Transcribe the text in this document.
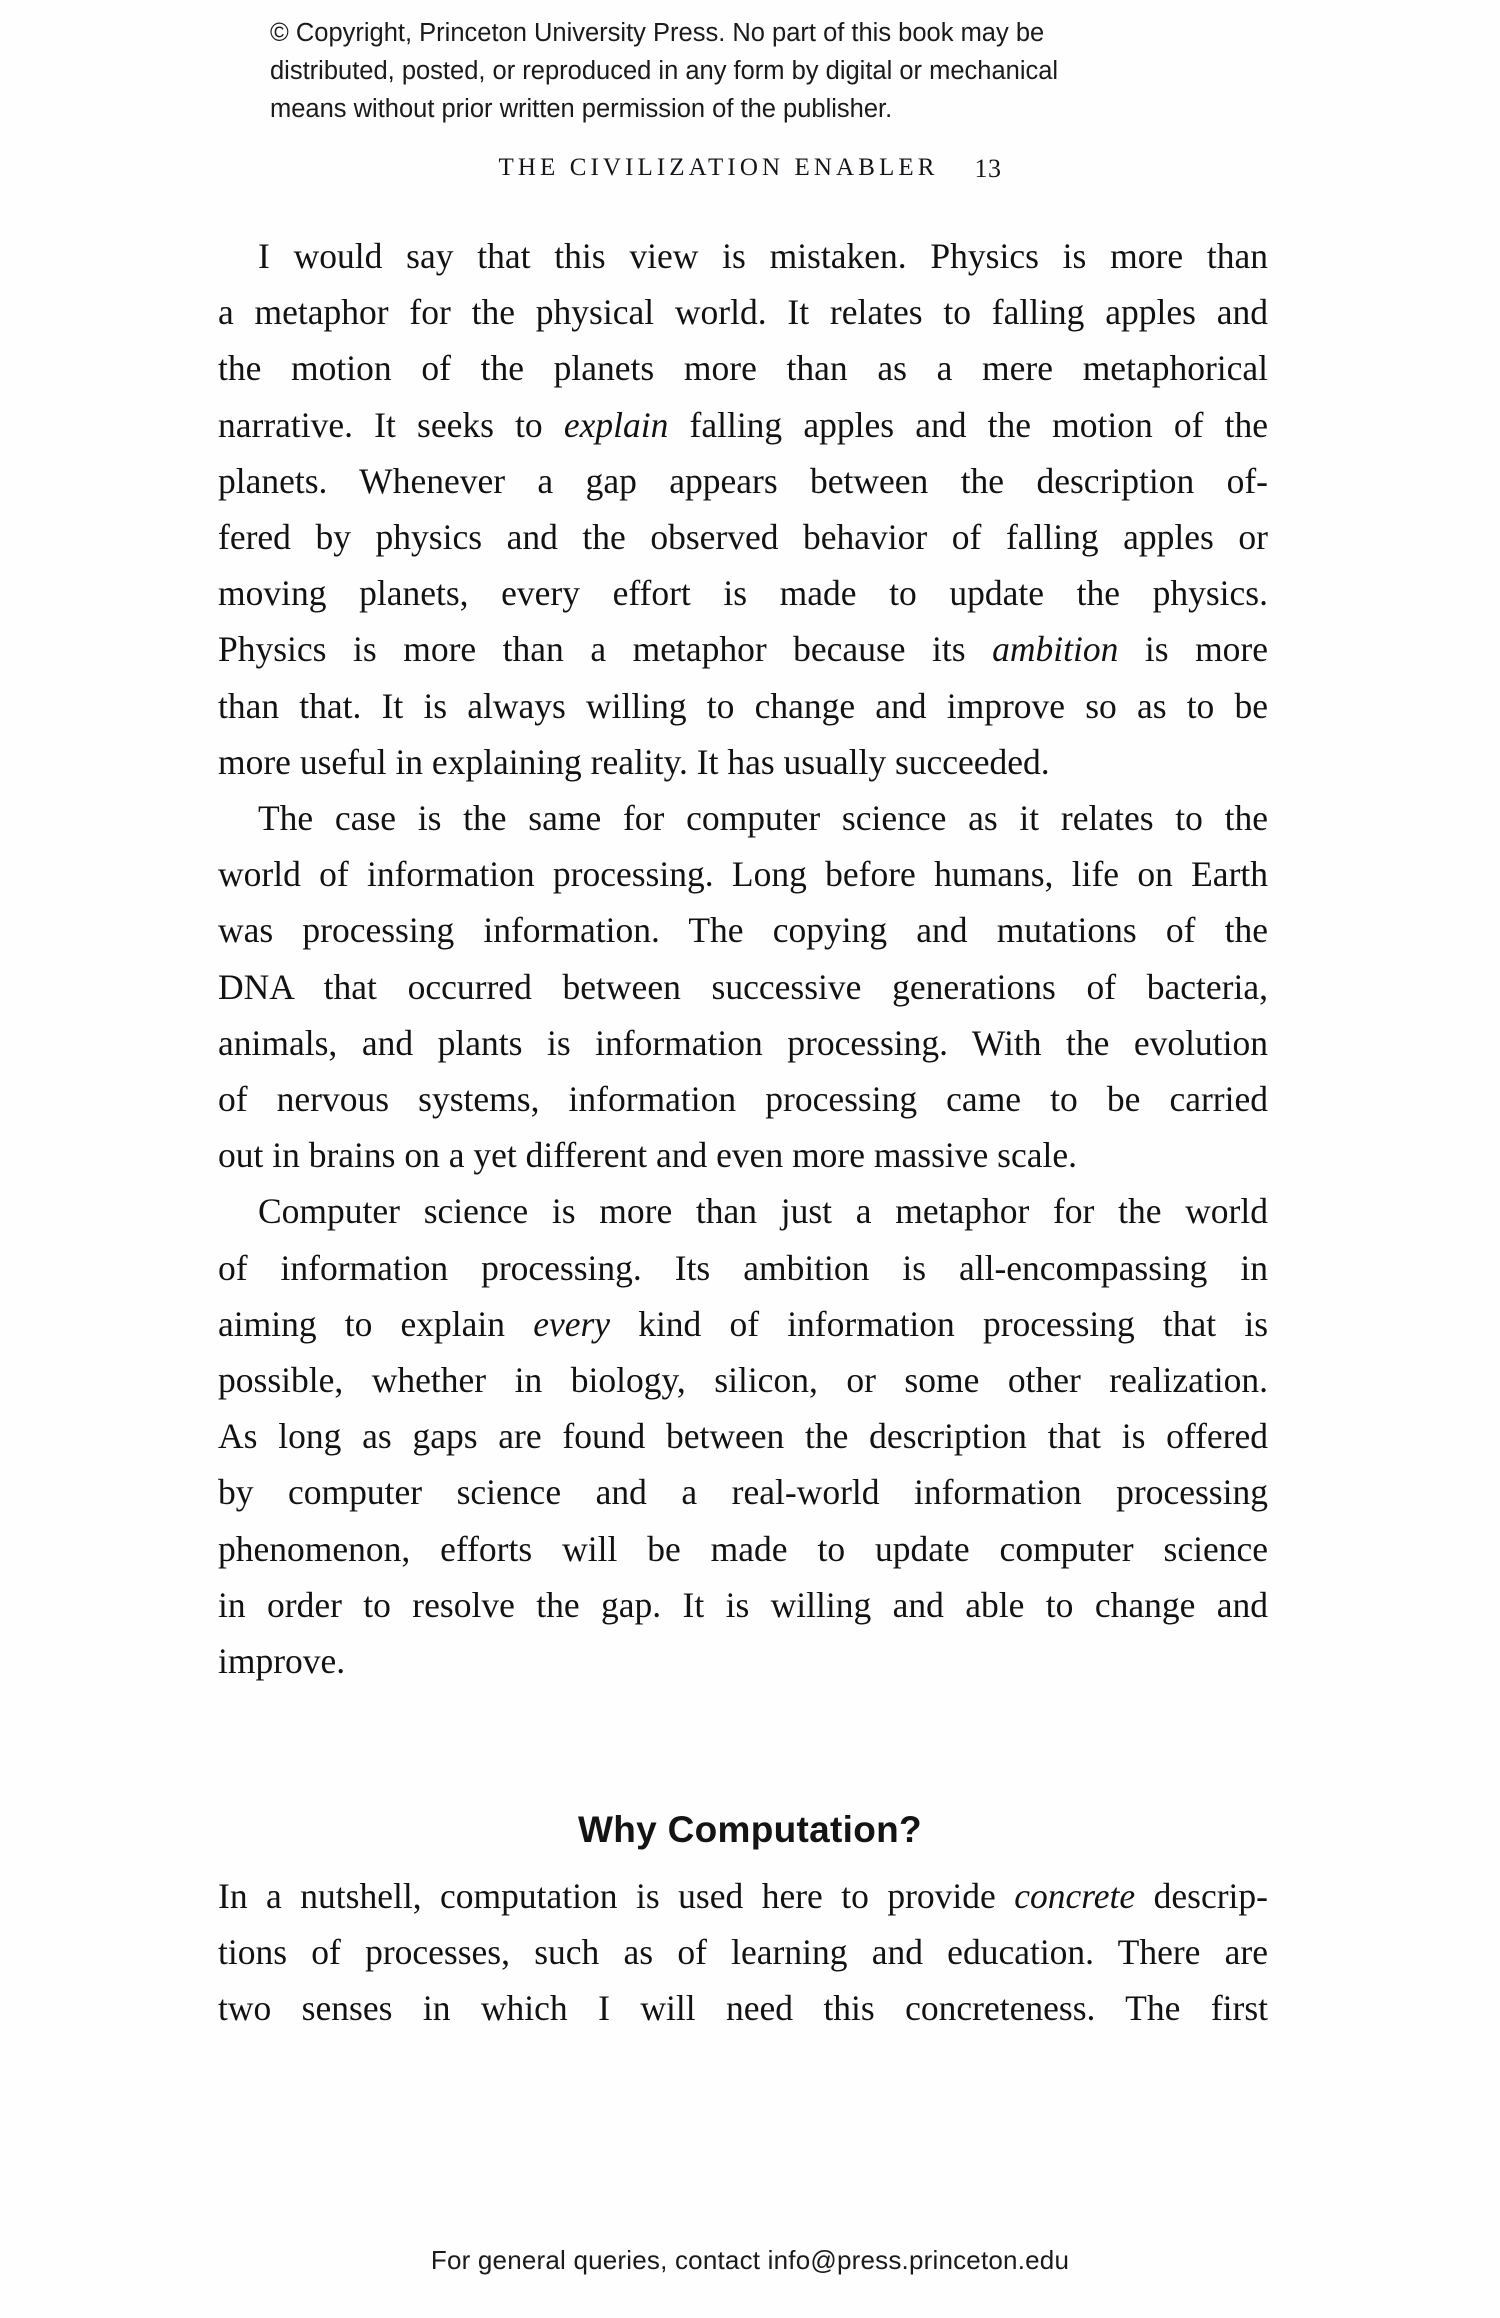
© Copyright, Princeton University Press. No part of this book may be
distributed, posted, or reproduced in any form by digital or mechanical
means without prior written permission of the publisher.
THE CIVILIZATION ENABLER 13

I would say that this view is mistaken. Physics is more than
a metaphor for the physical world. It relates to falling apples and
the motion of the planets more than as a mere metaphorical
narrative. It seeks to explain falling apples and the motion of the
planets. Whenever a gap appears between the description of-
fered by physics and the observed behavior of falling apples or
moving planets, every effort is made to update the physics.
Physics is more than a metaphor because its ambition is more
than that. It is always willing to change and improve so as to be
more useful in explaining reality. It has usually succeeded.

The case is the same for computer science as it relates to the
world of information processing. Long before humans, life on Earth
was processing information. The copying and mutations of the
DNA that occurred between successive generations of bacteria,
animals, and plants is information processing. With the evolution
of nervous systems, information processing came to be carried
out in brains on a yet different and even more massive scale.

Computer science is more than just a metaphor for the world
of information processing. Its ambition is all-encompassing in
aiming to explain every kind of information processing that is
possible, whether in biology, silicon, or some other realization.
As long as gaps are found between the description that is offered
by computer science and a real-world information processing
phenomenon, efforts will be made to update computer science
in order to resolve the gap. It is willing and able to change and
improve.

Why Computation?

In a nutshell, computation is used here to provide concrete descrip-
tions of processes, such as of learning and education. There are
two senses in which I will need this concreteness. The first

For general queries, contact info@press.princeton.edu
